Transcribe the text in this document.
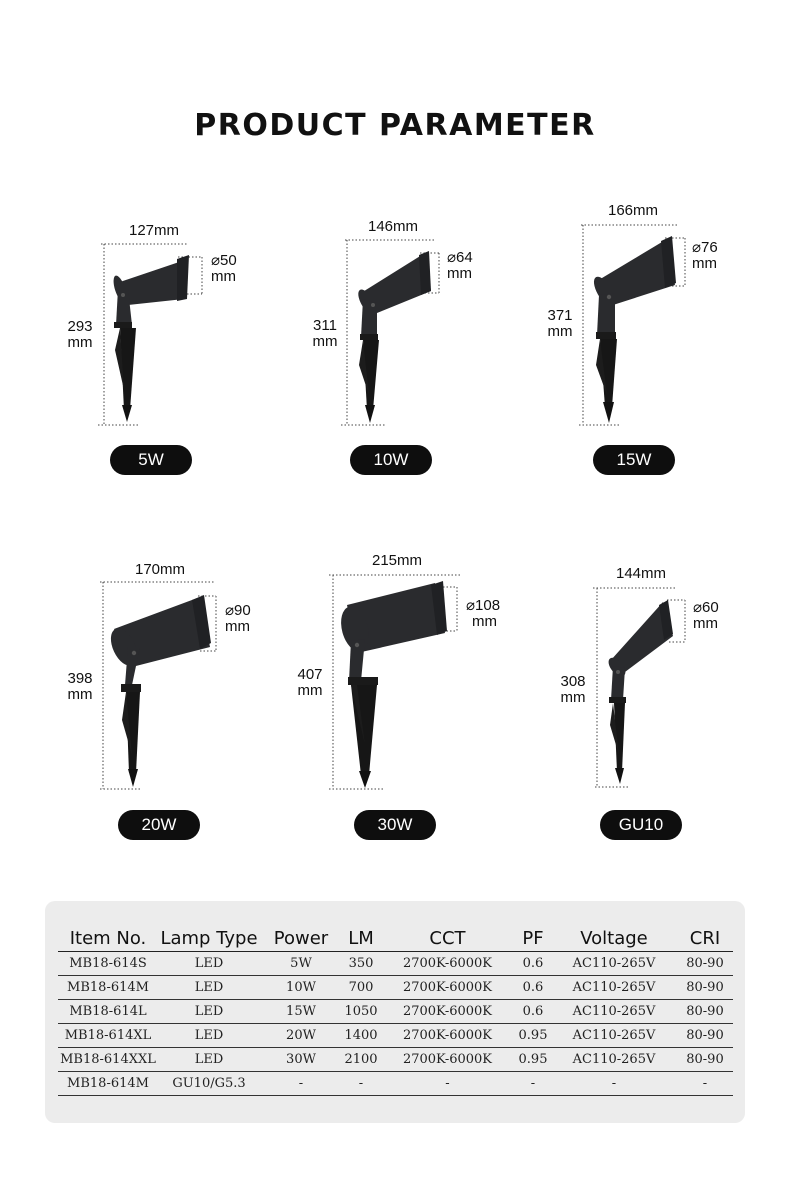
PRODUCT PARAMETER
127mm
⌀50
mm
293
mm
5W
146mm
⌀64
mm
311
mm
10W
166mm
⌀76
mm
371
mm
15W
170mm
⌀90
mm
398
mm
20W
215mm
⌀108
mm
407
mm
30W
144mm
⌀60
mm
308
mm
GU10
Item No.	Lamp Type	Power	LM	CCT	PF	Voltage	CRI
MB18-614S	LED	5W	350	2700K-6000K	0.6	AC110-265V	80-90
MB18-614M	LED	10W	700	2700K-6000K	0.6	AC110-265V	80-90
MB18-614L	LED	15W	1050	2700K-6000K	0.6	AC110-265V	80-90
MB18-614XL	LED	20W	1400	2700K-6000K	0.95	AC110-265V	80-90
MB18-614XXL	LED	30W	2100	2700K-6000K	0.95	AC110-265V	80-90
MB18-614M	GU10/G5.3	-	-	-	-	-	-
